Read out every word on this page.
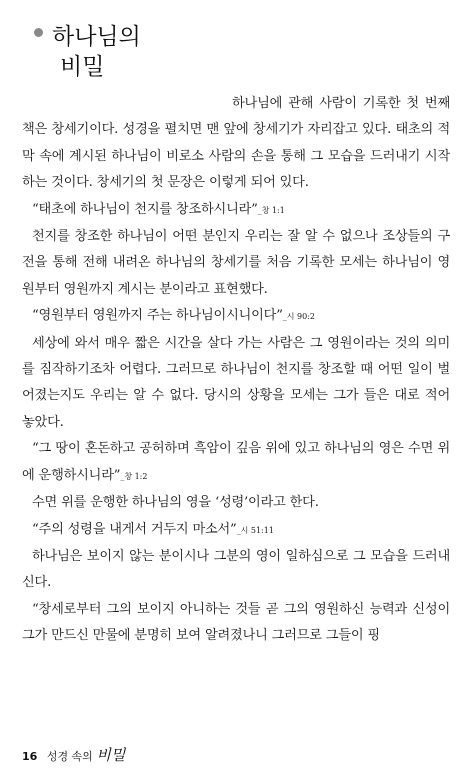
하나님의
비밀

하나님에 관해 사람이 기록한 첫 번째 책은 창세기이다. 성경을 펼치면 맨 앞에 창세기가 자리잡고 있다. 태초의 적막 속에 계시된 하나님이 비로소 사람의 손을 통해 그 모습을 드러내기 시작하는 것이다. 창세기의 첫 문장은 이렇게 되어 있다.

“태초에 하나님이 천지를 창조하시니라”_창 1:1

천지를 창조한 하나님이 어떤 분인지 우리는 잘 알 수 없으나 조상들의 구전을 통해 전해 내려온 하나님의 창세기를 처음 기록한 모세는 하나님이 영원부터 영원까지 계시는 분이라고 표현했다.

“영원부터 영원까지 주는 하나님이시니이다”_시 90:2

세상에 와서 매우 짧은 시간을 살다 가는 사람은 그 영원이라는 것의 의미를 짐작하기조차 어렵다. 그러므로 하나님이 천지를 창조할 때 어떤 일이 벌어졌는지도 우리는 알 수 없다. 당시의 상황을 모세는 그가 들은 대로 적어 놓았다.

“그 땅이 혼돈하고 공허하며 흑암이 깊음 위에 있고 하나님의 영은 수면 위에 운행하시니라”_창 1:2

수면 위를 운행한 하나님의 영을 ‘성령’이라고 한다.

“주의 성령을 내게서 거두지 마소서”_시 51:11

하나님은 보이지 않는 분이시나 그분의 영이 일하심으로 그 모습을 드러내신다.

“창세로부터 그의 보이지 아니하는 것들 곧 그의 영원하신 능력과 신성이 그가 만드신 만물에 분명히 보여 알려졌나니 그러므로 그들이 핑

16 성경 속의 비밀
